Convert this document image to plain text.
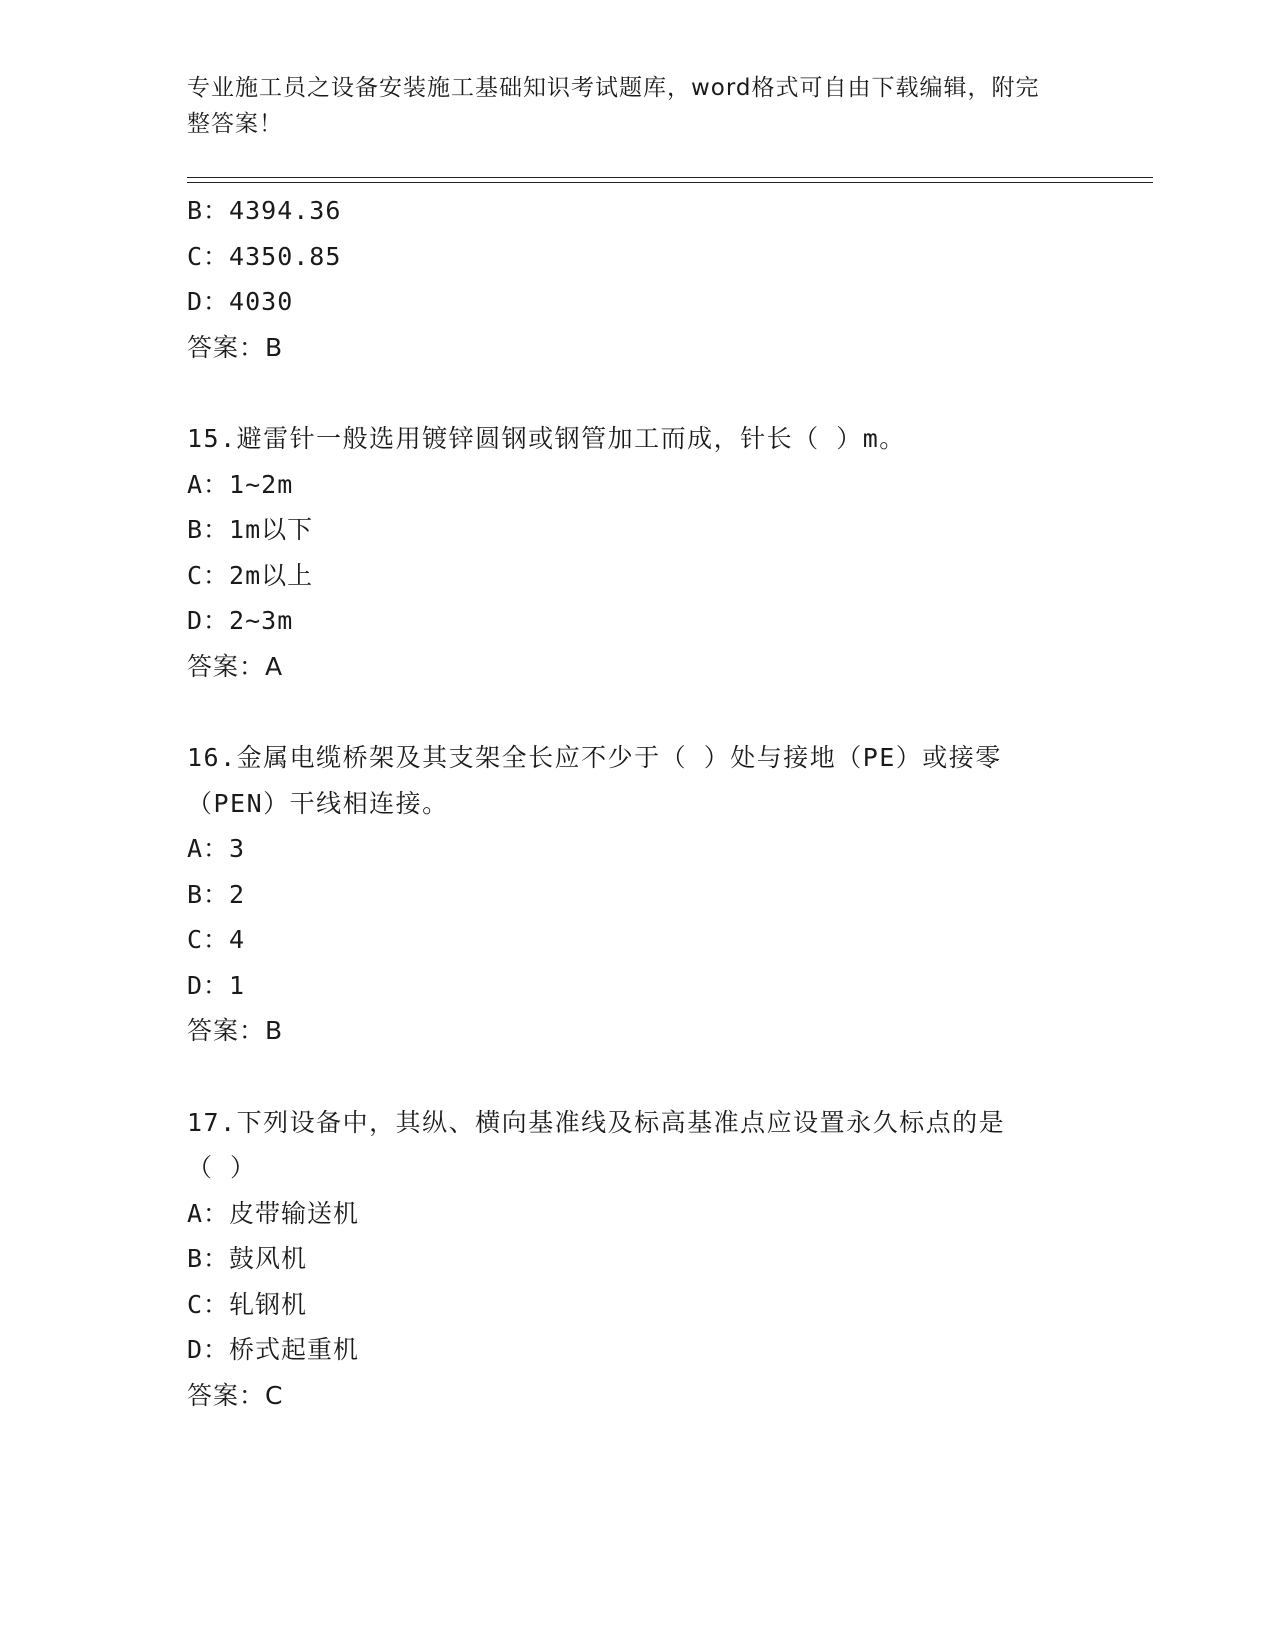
专业施工员之设备安装施工基础知识考试题库，word格式可自由下载编辑，附完
整答案！
B：4394.36
C：4350.85
D：4030
答案：B
15.避雷针一般选用镀锌圆钢或钢管加工而成，针长（ ）m。
A：1~2m
B：1m以下
C：2m以上
D：2~3m
答案：A
16.金属电缆桥架及其支架全长应不少于（ ）处与接地（PE）或接零
（PEN）干线相连接。
A：3
B：2
C：4
D：1
答案：B
17.下列设备中，其纵、横向基准线及标高基准点应设置永久标点的是
（ ）
A：皮带输送机
B：鼓风机
C：轧钢机
D：桥式起重机
答案：C
